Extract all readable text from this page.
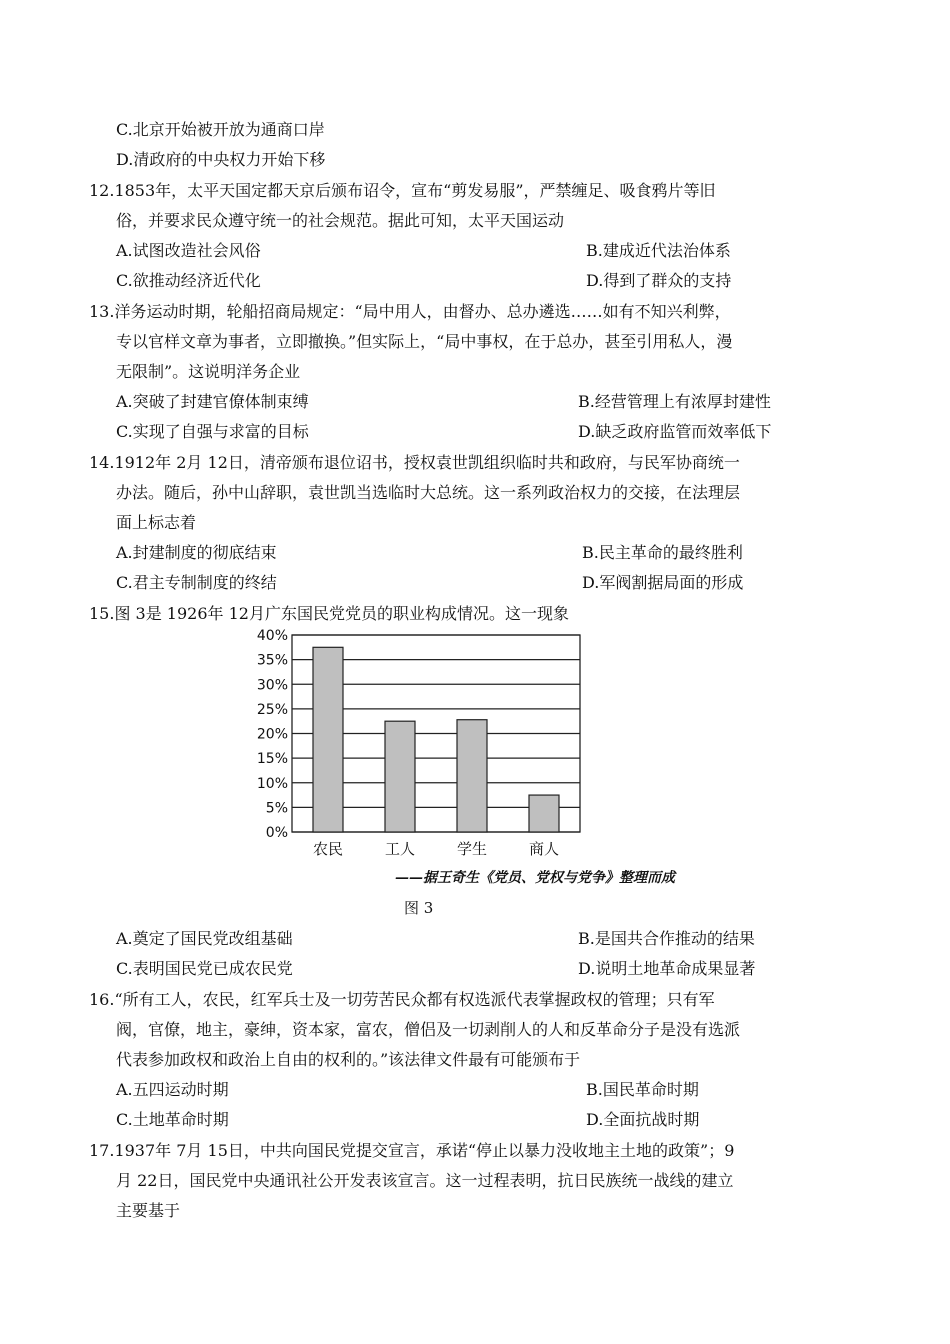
C.北京开始被开放为通商口岸
D.清政府的中央权力开始下移
12.1853年，太平天国定都天京后颁布诏令，宣布“剪发易服”，严禁缠足、吸食鸦片等旧
俗，并要求民众遵守统一的社会规范。据此可知，太平天国运动
A.试图改造社会风俗	B.建成近代法治体系
C.欲推动经济近代化	D.得到了群众的支持
13.洋务运动时期，轮船招商局规定：“局中用人，由督办、总办遴选……如有不知兴利弊，
专以官样文章为事者，立即撤换。”但实际上，“局中事权，在于总办，甚至引用私人，漫
无限制”。这说明洋务企业
A.突破了封建官僚体制束缚	B.经营管理上有浓厚封建性
C.实现了自强与求富的目标	D.缺乏政府监管而效率低下
14.1912年 2月 12日，清帝颁布退位诏书，授权袁世凯组织临时共和政府，与民军协商统一
办法。随后，孙中山辞职，袁世凯当选临时大总统。这一系列政治权力的交接，在法理层
面上标志着
A.封建制度的彻底结束	B.民主革命的最终胜利
C.君主专制制度的终结	D.军阀割据局面的形成
15.图 3是 1926年 12月广东国民党党员的职业构成情况。这一现象
0%
5%
10%
15%
20%
25%
30%
35%
40%
农民	工人	学生	商人
——据王奇生《党员、党权与党争》整理而成
图 3
A.奠定了国民党改组基础	B.是国共合作推动的结果
C.表明国民党已成农民党	D.说明土地革命成果显著
16.“所有工人，农民，红军兵士及一切劳苦民众都有权选派代表掌握政权的管理；只有军
阀，官僚，地主，豪绅，资本家，富农，僧侣及一切剥削人的人和反革命分子是没有选派
代表参加政权和政治上自由的权利的。”该法律文件最有可能颁布于
A.五四运动时期	B.国民革命时期
C.土地革命时期	D.全面抗战时期
17.1937年 7月 15日，中共向国民党提交宣言，承诺“停止以暴力没收地主土地的政策”；9
月 22日，国民党中央通讯社公开发表该宣言。这一过程表明，抗日民族统一战线的建立
主要基于
